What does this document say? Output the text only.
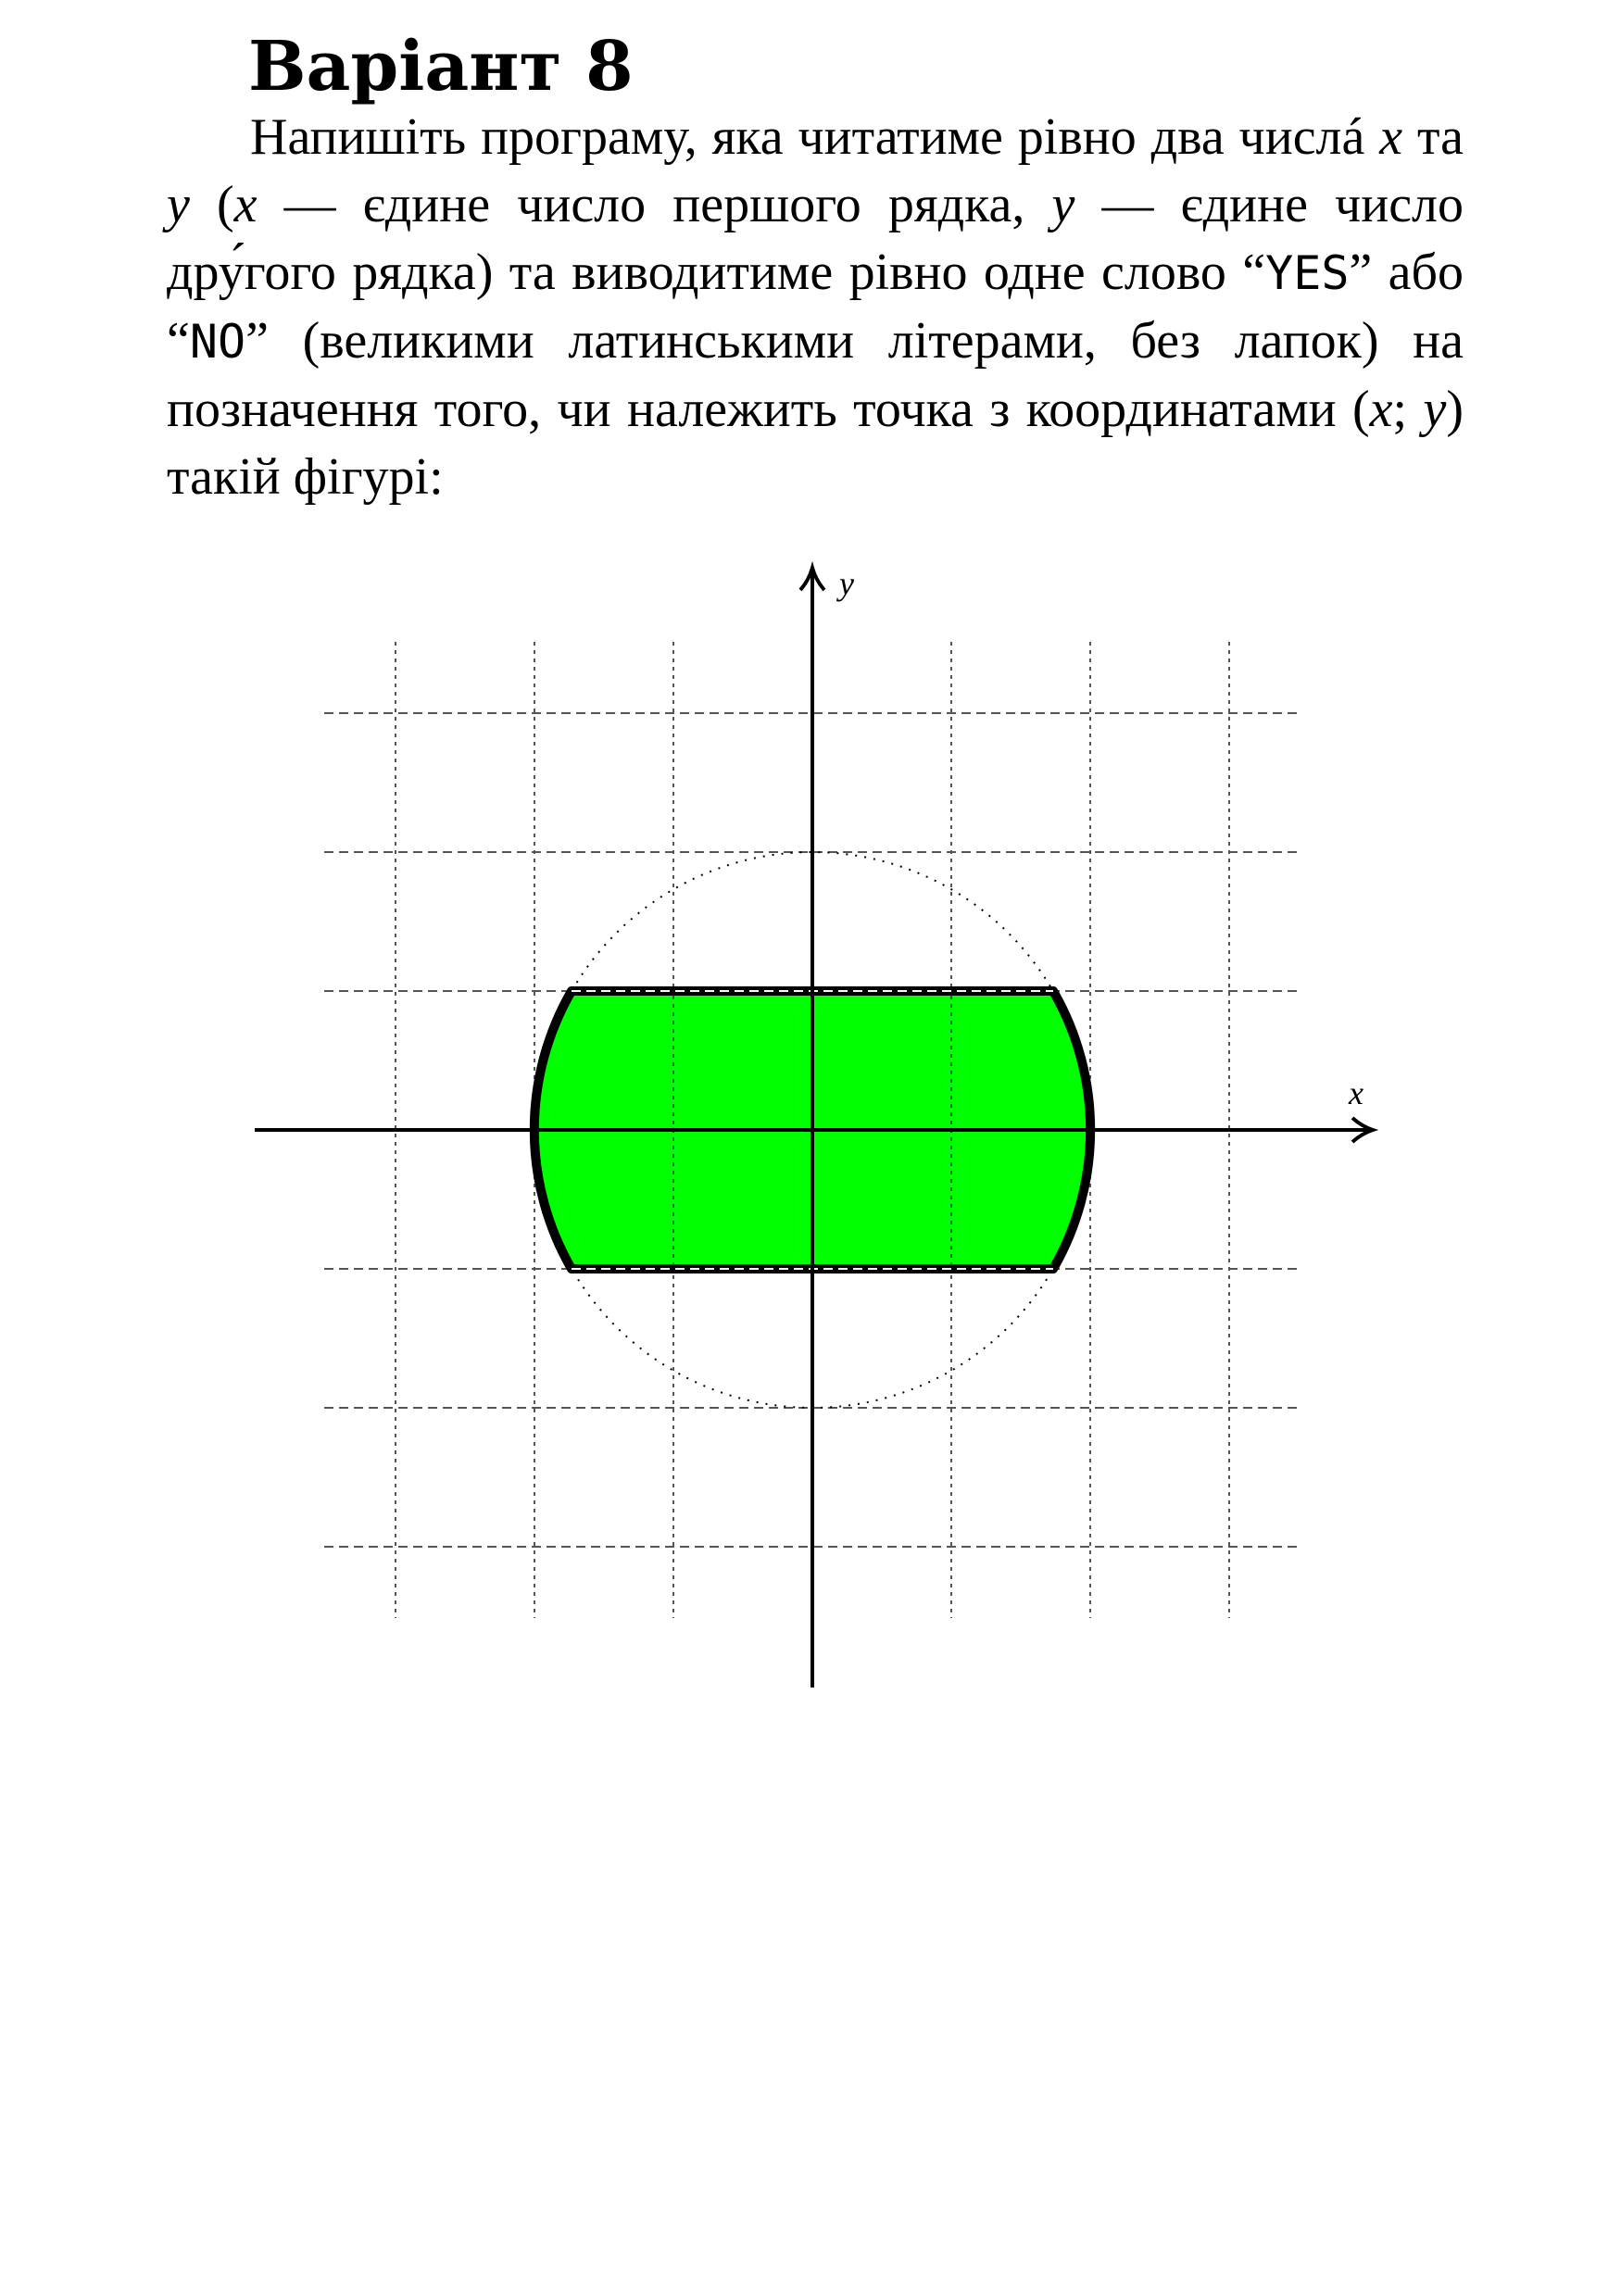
Варіант 8

Напишіть програму, яка читатиме рівно два числá x та y (x — єдине число першого рядка, y — єдине число дру́гого рядка) та виводитиме рівно одне слово “YES” або “NO” (великими латинськими літерами, без лапок) на позначення того, чи належить точка з координатами (x; y) такій фігурі:

x
y
